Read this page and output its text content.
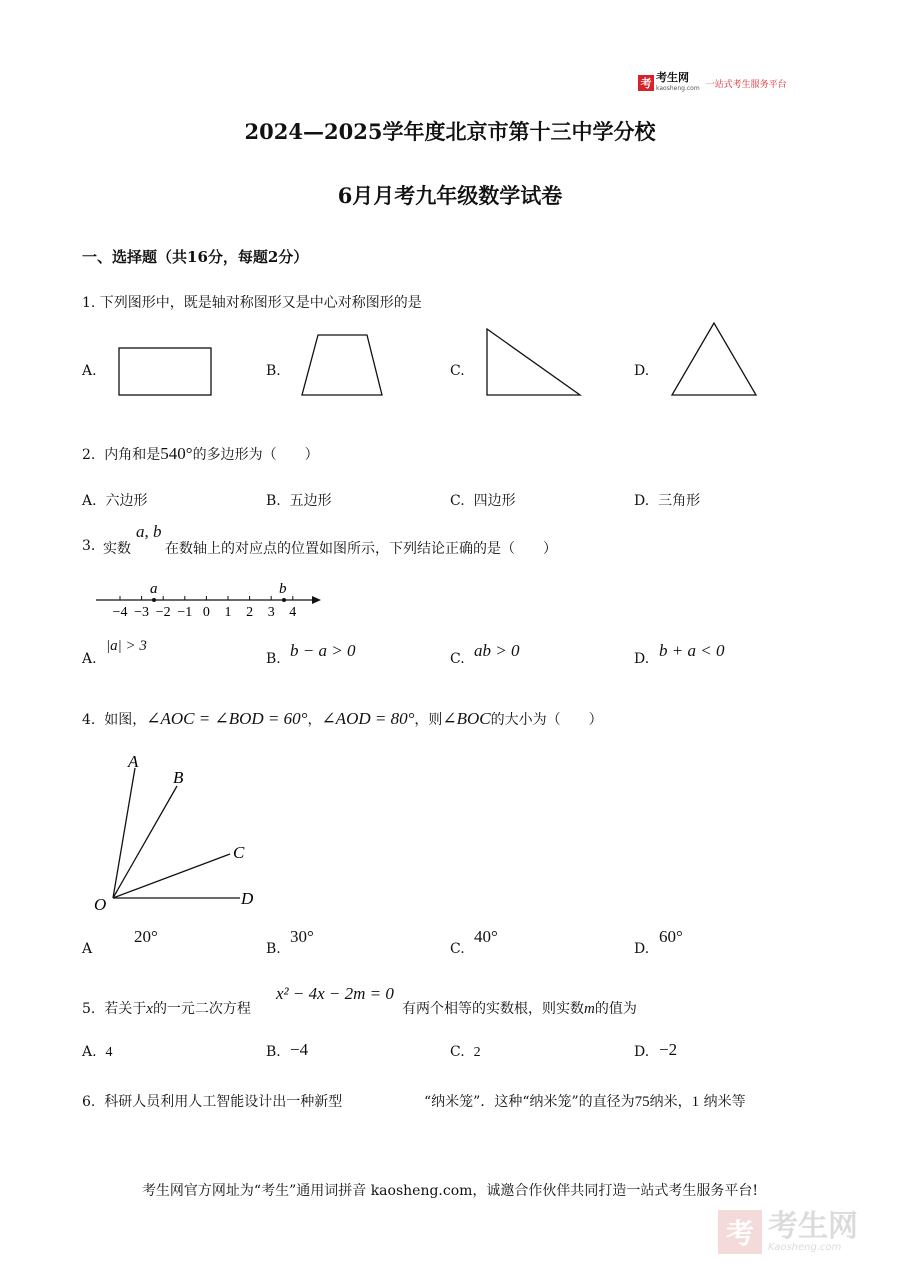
考 考生网
kaosheng.com 一站式考生服务平台
2024—2025学年度北京市第十三中学分校
6月月考九年级数学试卷
一、选择题（共16分，每题2分）
1. 下列图形中，既是轴对称图形又是中心对称图形的是
A.	B.	C.	D.
2. 内角和是540°的多边形为（　　）
A. 六边形	B. 五边形	C. 四边形	D. 三角形
3. 实数
a, b
在数轴上的对应点的位置如图所示，下列结论正确的是（　　）
−4 −3 −2 −1 0 1 2 3 4
a	b
A.
|a| > 3
B. b − a > 0	C. ab > 0	D. b + a < 0
4. 如图，∠AOC = ∠BOD = 60°，∠AOD = 80°，则∠BOC的大小为（　　）
A
B
C
D
O
A
20°
B.
30°
C.
40°
D.
60°
5. 若关于x的一元二次方程
x² − 4x − 2m = 0
有两个相等的实数根，则实数m的值为
A. 4	B. −4	C. 2	D. −2
6. 科研人员利用人工智能设计出一种新型	“纳米笼”．这种“纳米笼”的直径为75纳米，1 纳米等
考生网官方网址为“考生”通用词拼音 kaosheng.com，诚邀合作伙伴共同打造一站式考生服务平台!
考 考生网
Kaosheng.com
